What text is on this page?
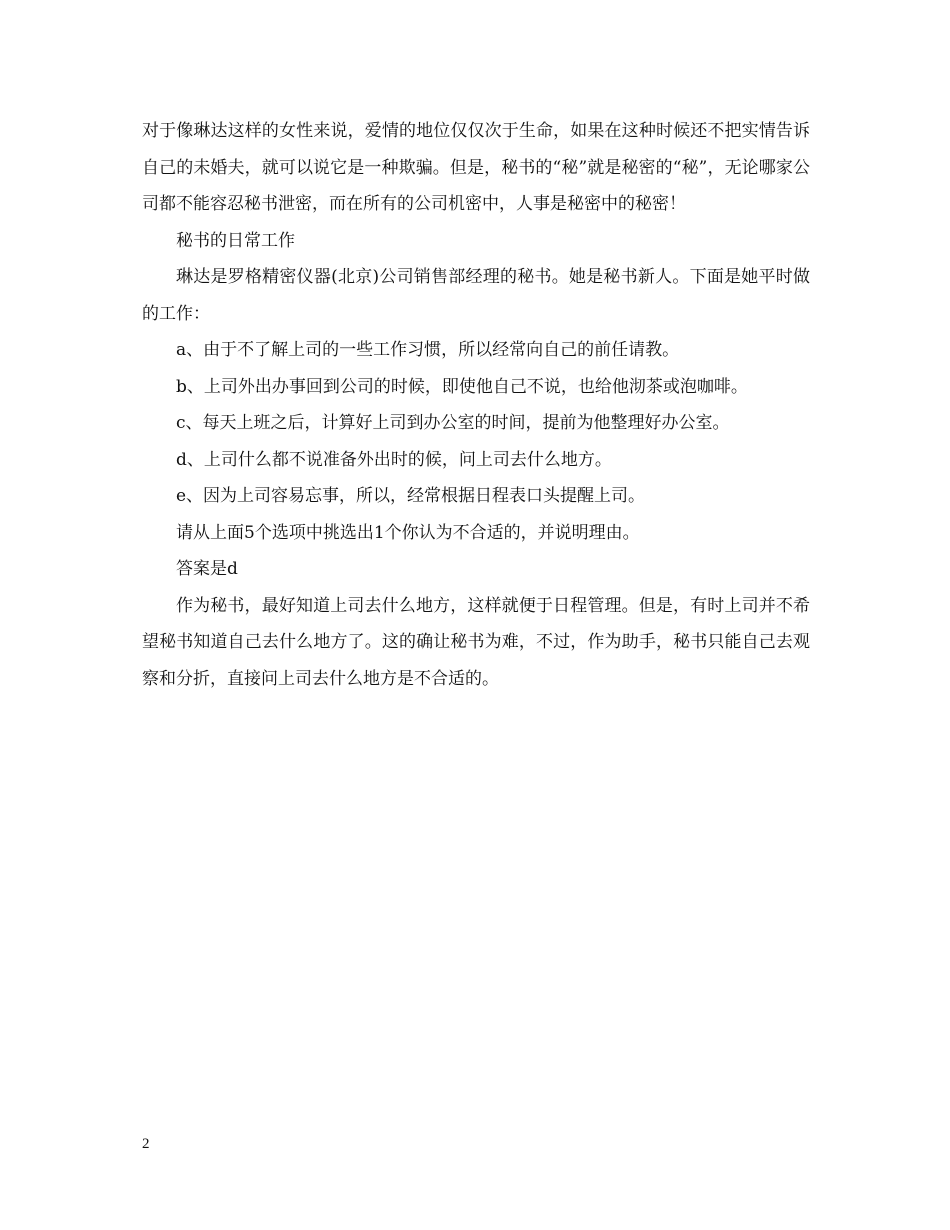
对于像琳达这样的女性来说，爱情的地位仅仅次于生命，如果在这种时候还不把实情告诉自己的未婚夫，就可以说它是一种欺骗。但是，秘书的“秘”就是秘密的“秘”，无论哪家公司都不能容忍秘书泄密，而在所有的公司机密中，人事是秘密中的秘密！

秘书的日常工作

琳达是罗格精密仪器(北京)公司销售部经理的秘书。她是秘书新人。下面是她平时做的工作：

a、由于不了解上司的一些工作习惯，所以经常向自己的前任请教。

b、上司外出办事回到公司的时候，即使他自己不说，也给他沏茶或泡咖啡。

c、每天上班之后，计算好上司到办公室的时间，提前为他整理好办公室。

d、上司什么都不说准备外出时的候，问上司去什么地方。

e、因为上司容易忘事，所以，经常根据日程表口头提醒上司。

请从上面5个选项中挑选出1个你认为不合适的，并说明理由。

答案是d

作为秘书，最好知道上司去什么地方，这样就便于日程管理。但是，有时上司并不希望秘书知道自己去什么地方了。这的确让秘书为难，不过，作为助手，秘书只能自己去观察和分折，直接问上司去什么地方是不合适的。

2
